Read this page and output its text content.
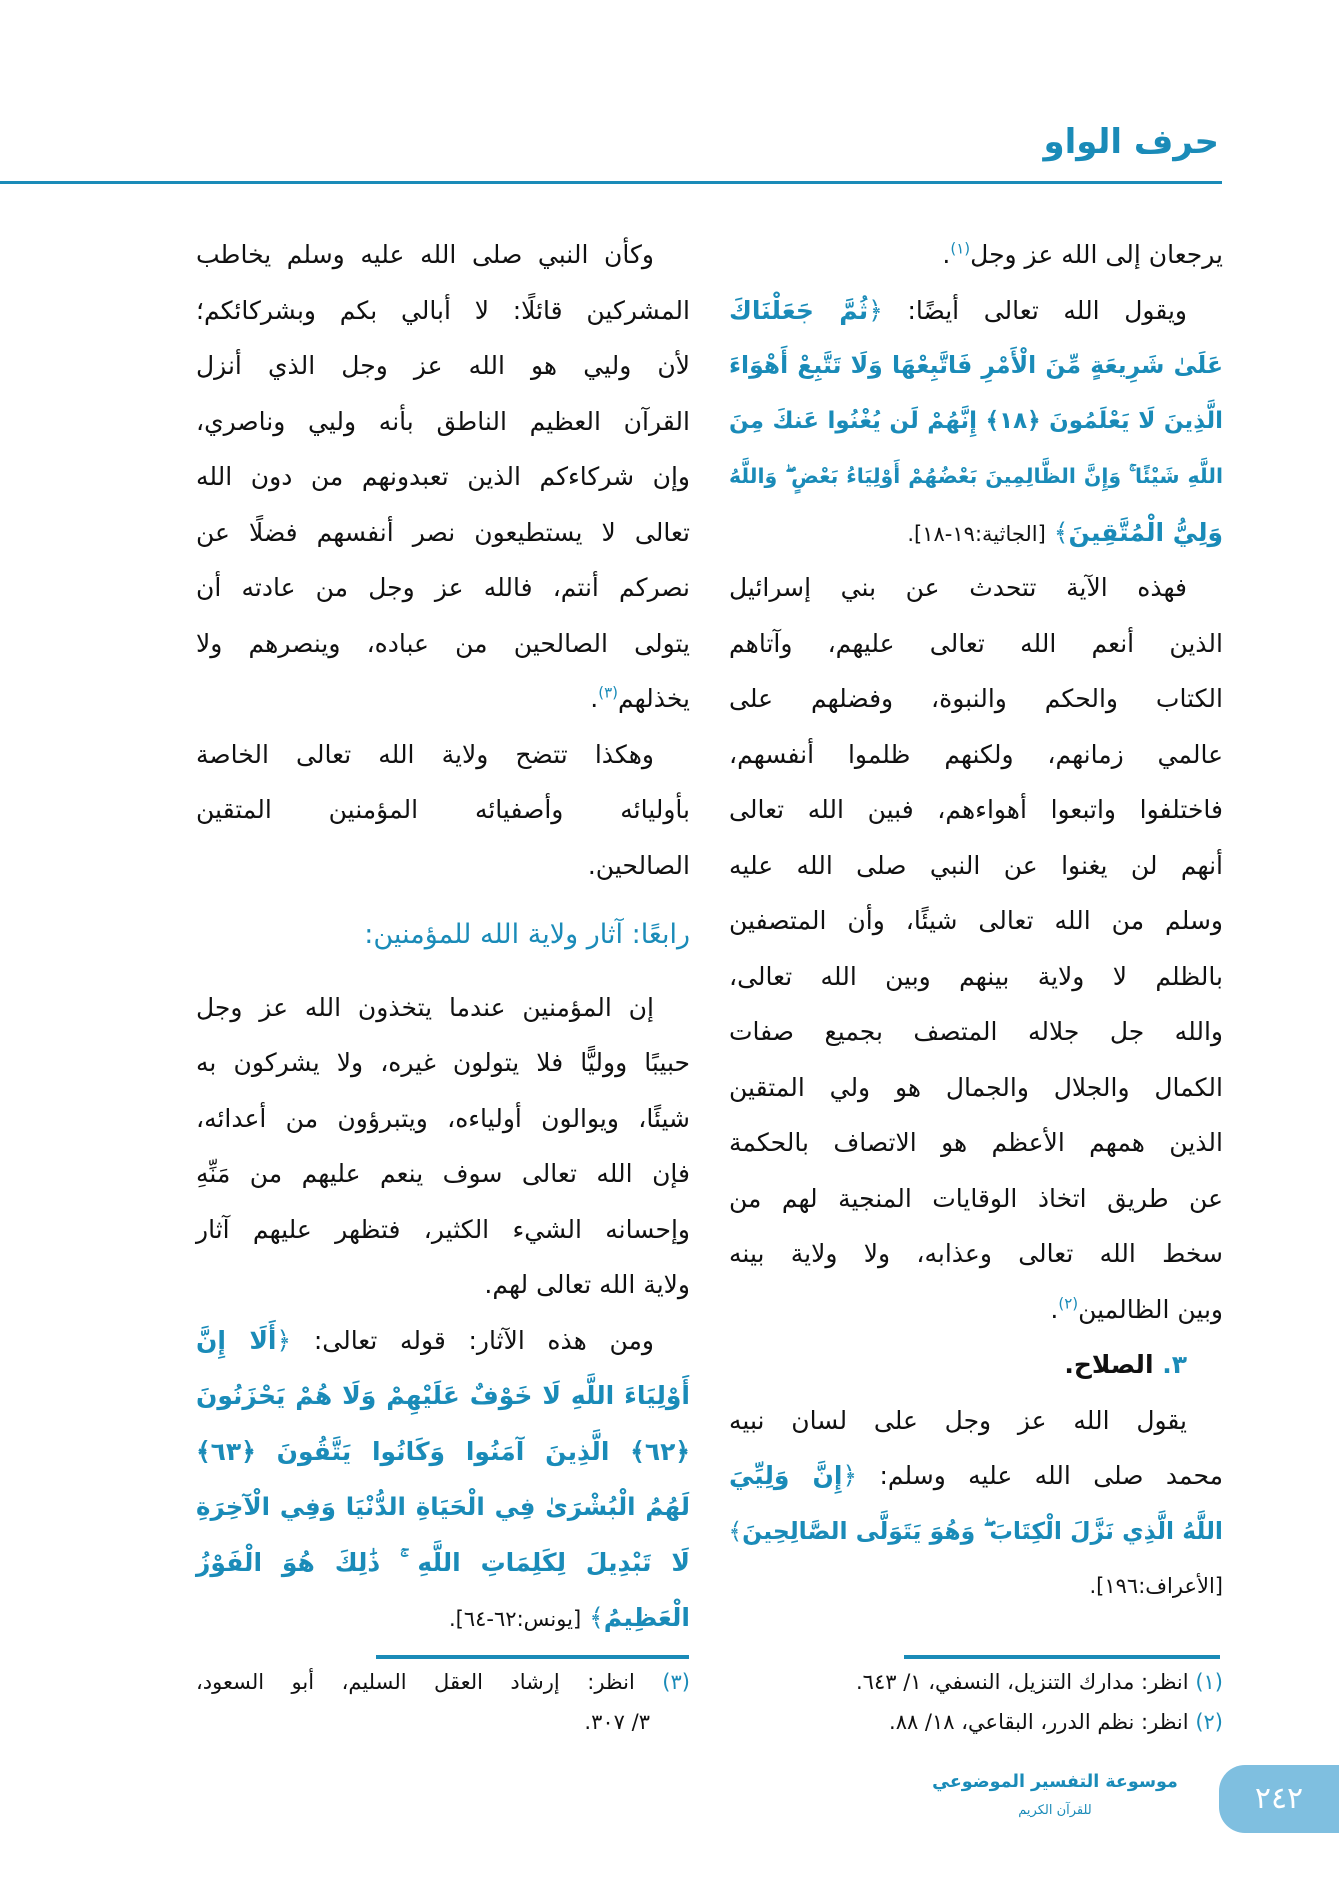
حرف الواو
يرجعان إلى الله عز وجل$^{(١)}$.
ويقول الله تعالى أيضًا: ﴿ثُمَّ جَعَلْنَاكَ
عَلَىٰ شَرِيعَةٍ مِّنَ الْأَمْرِ فَاتَّبِعْهَا وَلَا تَتَّبِعْ أَهْوَاءَ
الَّذِينَ لَا يَعْلَمُونَ ﴿١٨﴾ إِنَّهُمْ لَن يُغْنُوا عَنكَ مِنَ
اللَّهِ شَيْئًا ۚ وَإِنَّ الظَّالِمِينَ بَعْضُهُمْ أَوْلِيَاءُ بَعْضٍ ۖ وَاللَّهُ
وَلِيُّ الْمُتَّقِينَ﴾ [الجاثية:١٩-١٨].
فهذه الآية تتحدث عن بني إسرائيل
الذين أنعم الله تعالى عليهم، وآتاهم
الكتاب والحكم والنبوة، وفضلهم على
عالمي زمانهم، ولكنهم ظلموا أنفسهم،
فاختلفوا واتبعوا أهواءهم، فبين الله تعالى
أنهم لن يغنوا عن النبي صلى الله عليه
وسلم من الله تعالى شيئًا، وأن المتصفين
بالظلم لا ولاية بينهم وبين الله تعالى،
والله جل جلاله المتصف بجميع صفات
الكمال والجلال والجمال هو ولي المتقين
الذين همهم الأعظم هو الاتصاف بالحكمة
عن طريق اتخاذ الوقايات المنجية لهم من
سخط الله تعالى وعذابه، ولا ولاية بينه
وبين الظالمين$^{(٢)}$.
٣. الصلاح.
يقول الله عز وجل على لسان نبيه
محمد صلى الله عليه وسلم: ﴿إِنَّ وَلِيِّيَ
اللَّهُ الَّذِي نَزَّلَ الْكِتَابَ ۖ وَهُوَ يَتَوَلَّى الصَّالِحِينَ﴾
[الأعراف:١٩٦].
وكأن النبي صلى الله عليه وسلم يخاطب
المشركين قائلًا: لا أبالي بكم وبشركائكم؛
لأن وليي هو الله عز وجل الذي أنزل
القرآن العظيم الناطق بأنه وليي وناصري،
وإن شركاءكم الذين تعبدونهم من دون الله
تعالى لا يستطيعون نصر أنفسهم فضلًا عن
نصركم أنتم، فالله عز وجل من عادته أن
يتولى الصالحين من عباده، وينصرهم ولا
يخذلهم$^{(٣)}$.
وهكذا تتضح ولاية الله تعالى الخاصة
بأوليائه وأصفيائه المؤمنين المتقين
الصالحين.
رابعًا: آثار ولاية الله للمؤمنين:
إن المؤمنين عندما يتخذون الله عز وجل
حبيبًا ووليًّا فلا يتولون غيره، ولا يشركون به
شيئًا، ويوالون أولياءه، ويتبرؤون من أعدائه،
فإن الله تعالى سوف ينعم عليهم من مَنِّهِ
وإحسانه الشيء الكثير، فتظهر عليهم آثار
ولاية الله تعالى لهم.
ومن هذه الآثار: قوله تعالى: ﴿أَلَا إِنَّ
أَوْلِيَاءَ اللَّهِ لَا خَوْفٌ عَلَيْهِمْ وَلَا هُمْ يَحْزَنُونَ
﴿٦٢﴾ الَّذِينَ آمَنُوا وَكَانُوا يَتَّقُونَ ﴿٦٣﴾
لَهُمُ الْبُشْرَىٰ فِي الْحَيَاةِ الدُّنْيَا وَفِي الْآخِرَةِ
لَا تَبْدِيلَ لِكَلِمَاتِ اللَّهِ ۚ ذَٰلِكَ هُوَ الْفَوْزُ
الْعَظِيمُ﴾ [يونس:٦٢-٦٤].
(١) انظر: مدارك التنزيل، النسفي، ١/ ٦٤٣.
(٢) انظر: نظم الدرر، البقاعي، ١٨/ ٨٨.
(٣) انظر: إرشاد العقل السليم، أبو السعود،
٣/ ٣٠٧.
موسوعة التفسير الموضوعي
للقرآن الكريم	٢٤٢
